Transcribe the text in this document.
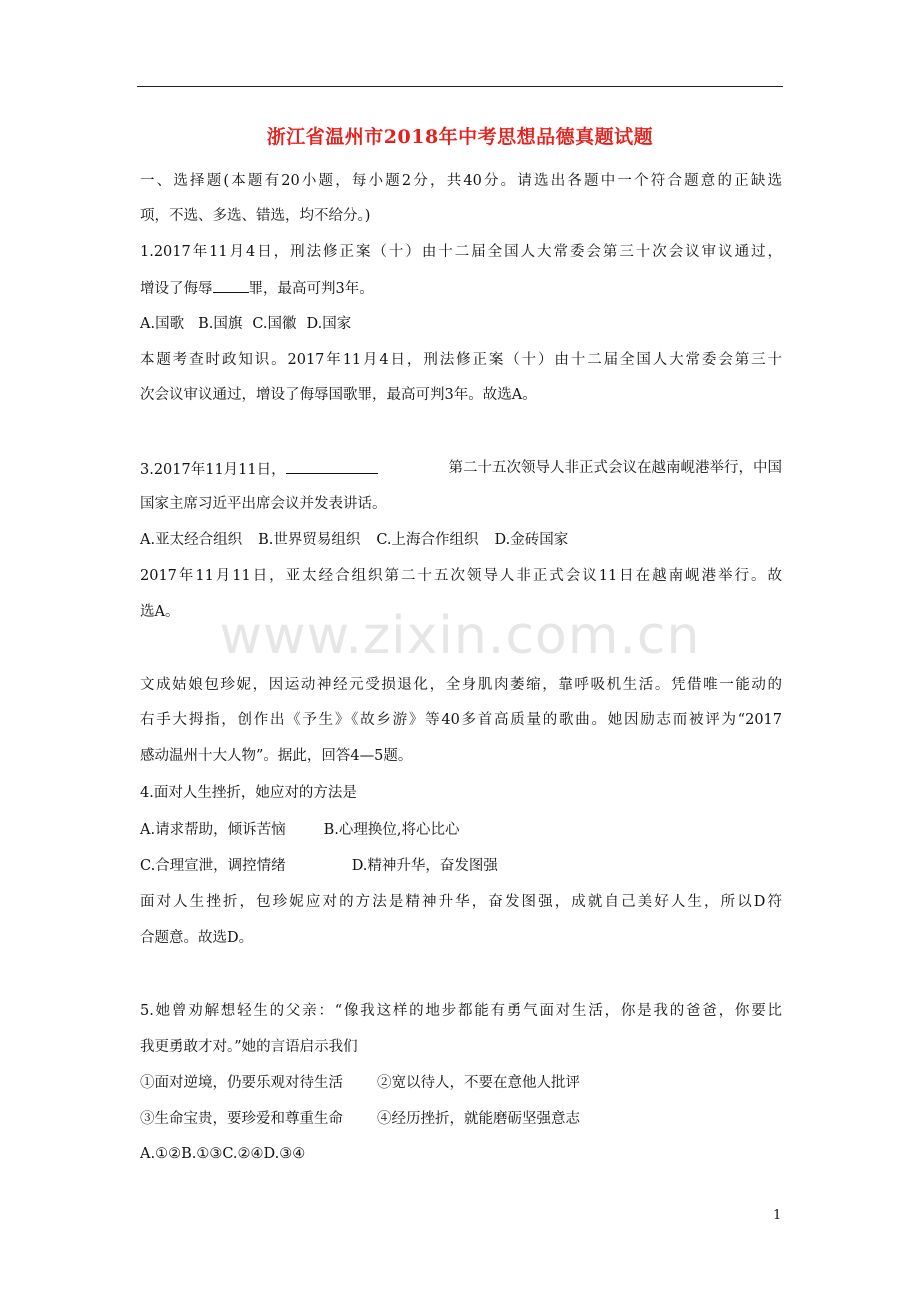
浙江省温州市2018年中考思想品德真题试题
一、选择题(本题有20小题，每小题2分，共40分。请选出各题中一个符合题意的正缺选
项，不选、多选、错选，均不给分。)
1.2017年11月4日，刑法修正案（十）由十二届全国人大常委会第三十次会议审议通过，
增设了侮辱 罪，最高可判3年。
A.国歌 B.国旗 C.国徽 D.国家
本题考查时政知识。2017年11月4日，刑法修正案（十）由十二届全国人大常委会第三十
次会议审议通过，增设了侮辱国歌罪，最高可判3年。故选A。
3.2017年11月11日，	第二十五次领导人非正式会议在越南岘港举行，中国
国家主席习近平出席会议并发表讲话。
A.亚太经合组织 B.世界贸易组织 C.上海合作组织 D.金砖国家
2017年11月11日，亚太经合组织第二十五次领导人非正式会议11日在越南岘港举行。故
选A。 www.zixin.com.cn
文成姑娘包珍妮，因运动神经元受损退化，全身肌肉萎缩，靠呼吸机生活。凭借唯一能动的
右手大拇指，创作出《予生》《故乡游》等40多首高质量的歌曲。她因励志而被评为“2017
感动温州十大人物”。据此，回答4—5题。
4.面对人生挫折，她应对的方法是
A.请求帮助，倾诉苦恼	B.心理换位,将心比心
C.合理宣泄，调控情绪	D.精神升华，奋发图强
面对人生挫折，包珍妮应对的方法是精神升华，奋发图强，成就自己美好人生，所以D符
合题意。故选D。
5.她曾劝解想轻生的父亲：“像我这样的地步都能有勇气面对生活，你是我的爸爸，你要比
我更勇敢才对。”她的言语启示我们
①面对逆境，仍要乐观对待生活 ②宽以待人，不要在意他人批评
③生命宝贵，要珍爱和尊重生命 ④经历挫折，就能磨砺坚强意志
A.①②B.①③C.②④D.③④
1
